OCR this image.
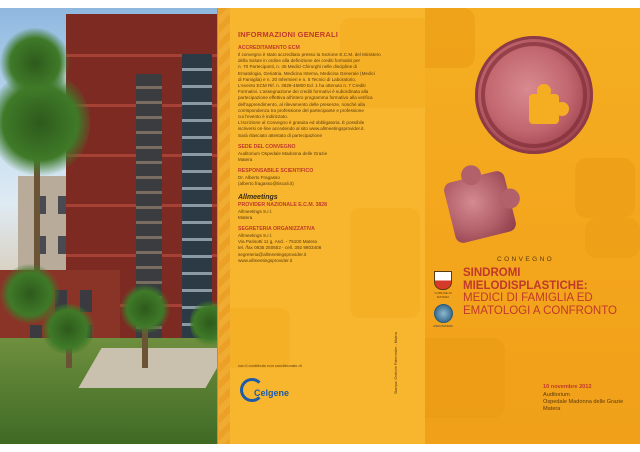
INFORMAZIONI GENERALI
ACCREDITAMENTO ECM
Il convegno è stato accreditato presso la Sezione E.C.M. del Ministero
della Salute in ordine alla definizione dei crediti formativi per
n. 70 Partecipanti, n. 45 Medici Chirurghi nelle discipline di
Ematologia, Geriatria, Medicina Interna, Medicina Generale (Medici
di Famiglia) e n. 20 Infermieri e n. 5 Tecnici di Laboratorio.
L'evento ECM Rif. n. 3828-45800 Ed. 1 ha ottenuto n. 7 Crediti
Formativi. L'assegnazione dei crediti formativi è subordinata alla
partecipazione effettiva all'intero programma formativo alla verifica
dell'apprendimento, al rilevamento delle presenze, nonché alla
corrispondenza tra professione del partecipante e professione
cui l'evento è indirizzato.
L'iscrizione al Convegno è gratuita ed obbligatoria. È possibile
iscriversi on-line accedendo al sito www.allmeetingsprovider.it.
Sarà rilasciato attestato di partecipazione
SEDE DEL CONVEGNO
Auditorium Ospedale Madonna delle Grazie
Matera
RESPONSABILE SCIENTIFICO
Dr. Alberto Fragasso
(alberto.fragasso@tiscali.it)
Allmeetings
PROVIDER NAZIONALE E.C.M. 3828
Allmeetings S.r.l.
Matera
SEGRETERIA ORGANIZZATIVA
Allmeetings S.r.l.
Via Parisotti 11 g, Ascl. - 75100 Matera
tel. /fax 0835 250552 - cell. 392 9803406
segreteria@allmeetingsprovider.it
www.allmeetingsprovider.it
con il contributo non condizionato di
Celgene	Stampa: Grafiche Paternoster - Matera
COMUNE DI MATERA
ASM MATERA
CONVEGNO
SINDROMI MIELODISPLASTICHE:
MEDICI DI FAMIGLIA ED EMATOLOGI A CONFRONTO
10 novembre 2012
Auditorium
Ospedale Madonna delle Grazie
Matera
